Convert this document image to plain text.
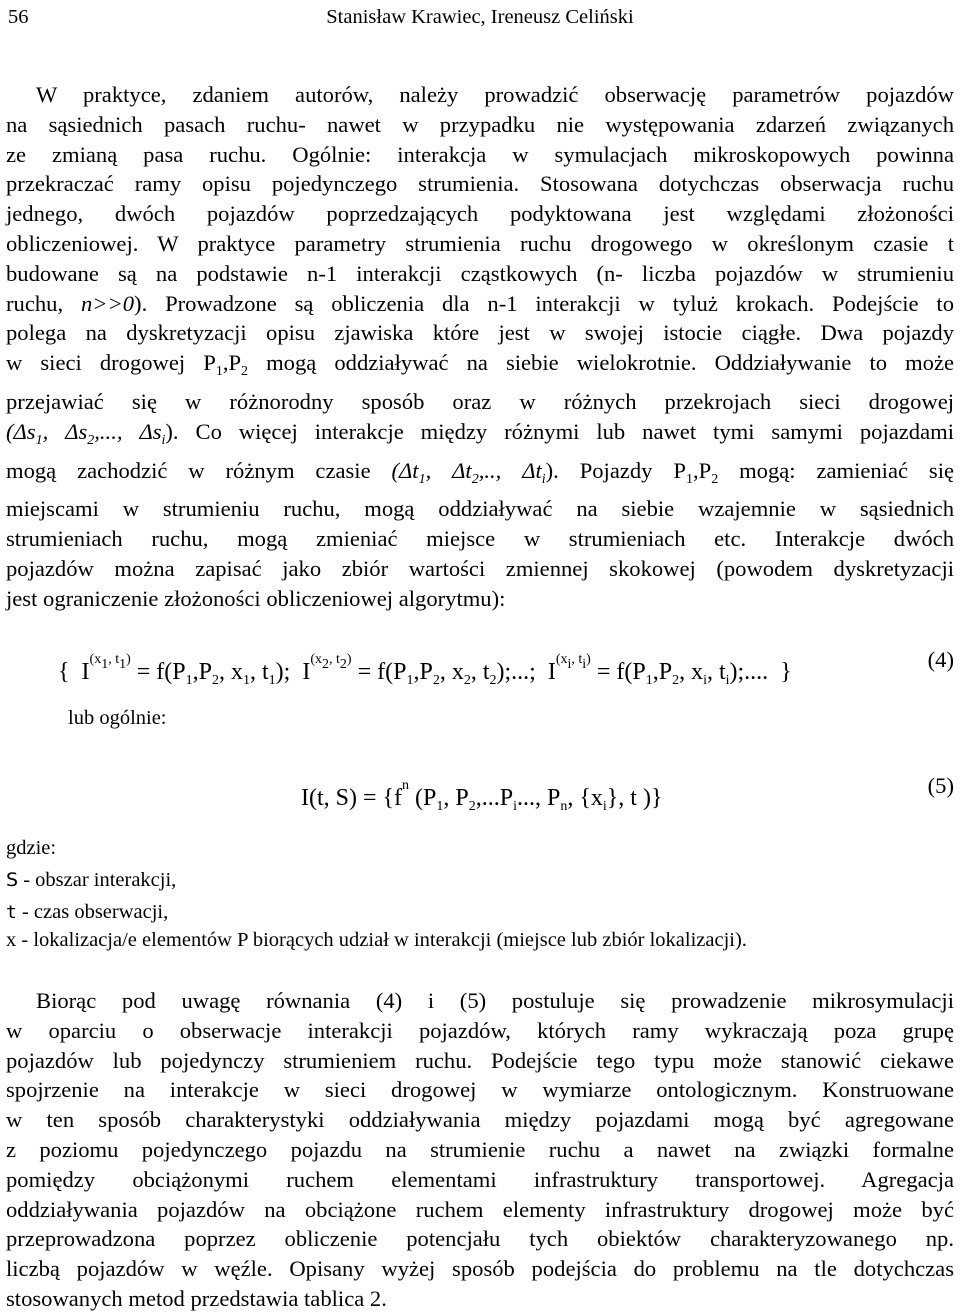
56	Stanisław Krawiec, Ireneusz Celiński
W praktyce, zdaniem autorów, należy prowadzić obserwację parametrów pojazdów
na sąsiednich pasach ruchu- nawet w przypadku nie występowania zdarzeń związanych
ze zmianą pasa ruchu. Ogólnie: interakcja w symulacjach mikroskopowych powinna
przekraczać ramy opisu pojedynczego strumienia. Stosowana dotychczas obserwacja ruchu
jednego, dwóch pojazdów poprzedzających podyktowana jest względami złożoności
obliczeniowej. W praktyce parametry strumienia ruchu drogowego w określonym czasie t
budowane są na podstawie n-1 interakcji cząstkowych (n- liczba pojazdów w strumieniu
ruchu, n>>0). Prowadzone są obliczenia dla n-1 interakcji w tyluż krokach. Podejście to
polega na dyskretyzacji opisu zjawiska które jest w swojej istocie ciągłe. Dwa pojazdy
w sieci drogowej $P_1,P_2$ mogą oddziaływać na siebie wielokrotnie. Oddziaływanie to może
przejawiać się w różnorodny sposób oraz w różnych przekrojach sieci drogowej
($\Delta s_1$, $\Delta s_2$,..., $\Delta s_i$). Co więcej interakcje między różnymi lub nawet tymi samymi pojazdami
mogą zachodzić w różnym czasie ($\Delta t_1$, $\Delta t_2$,.., $\Delta t_i$). Pojazdy $P_1,P_2$ mogą: zamieniać się
miejscami w strumieniu ruchu, mogą oddziaływać na siebie wzajemnie w sąsiednich
strumieniach ruchu, mogą zmieniać miejsce w strumieniach etc. Interakcje dwóch
pojazdów można zapisać jako zbiór wartości zmiennej skokowej (powodem dyskretyzacji
jest ograniczenie złożoności obliczeniowej algorytmu):
{ $I^{(x_1, t_1)} = f(P_1,P_2$, $x_1$, $t_1$); $I^{(x_2, t_2)} = f(P_1,P_2$, $x_2$, $t_2$);...; $I^{(x_i, t_i)} = f(P_1,P_2$, $x_i$, $t_i$);.... }	(4)
lub ogólnie:
I(t, $S) = \{f^n$ ($P_1$, $P_2,...P_i$..., $P_n$, $\{x_i\}$, t )}	(5)
gdzie:
S - obszar interakcji,
t - czas obserwacji,
x - lokalizacja/e elementów P biorących udział w interakcji (miejsce lub zbiór lokalizacji).
Biorąc pod uwagę równania (4) i (5) postuluje się prowadzenie mikrosymulacji
w oparciu o obserwacje interakcji pojazdów, których ramy wykraczają poza grupę
pojazdów lub pojedynczy strumieniem ruchu. Podejście tego typu może stanowić ciekawe
spojrzenie na interakcje w sieci drogowej w wymiarze ontologicznym. Konstruowane
w ten sposób charakterystyki oddziaływania między pojazdami mogą być agregowane
z poziomu pojedynczego pojazdu na strumienie ruchu a nawet na związki formalne
pomiędzy obciążonymi ruchem elementami infrastruktury transportowej. Agregacja
oddziaływania pojazdów na obciążone ruchem elementy infrastruktury drogowej może być
przeprowadzona poprzez obliczenie potencjału tych obiektów charakteryzowanego np.
liczbą pojazdów w węźle. Opisany wyżej sposób podejścia do problemu na tle dotychczas
stosowanych metod przedstawia tablica 2.
